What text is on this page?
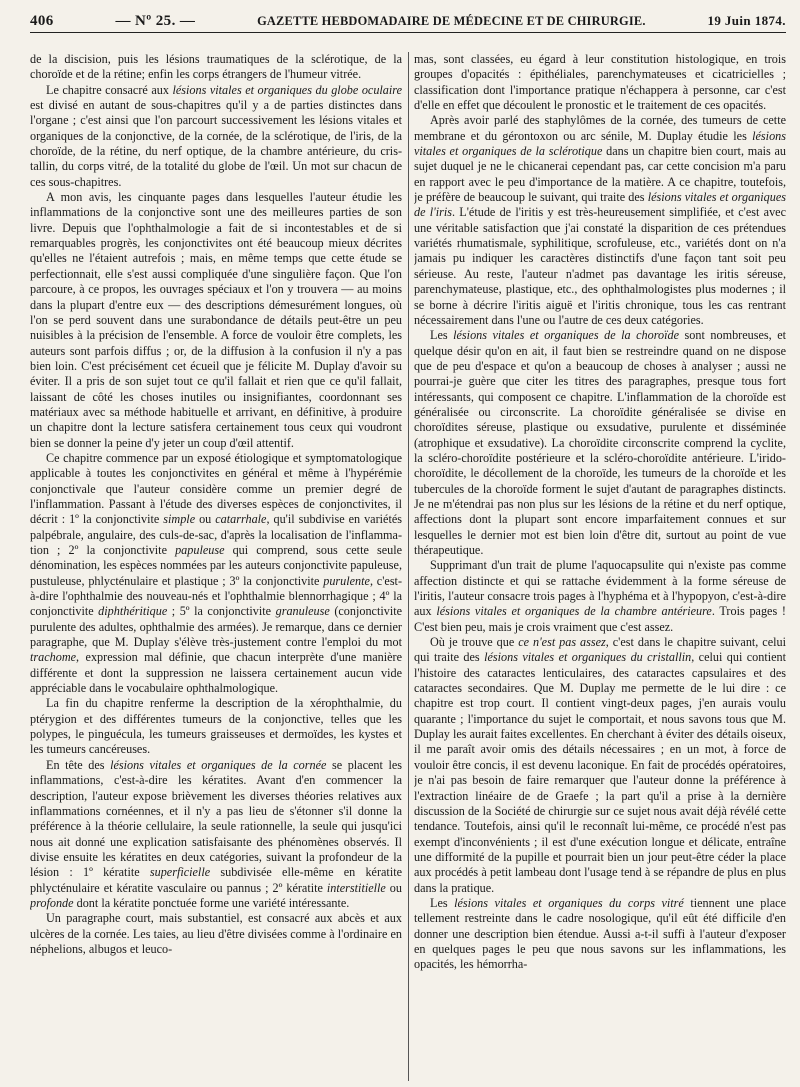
406	— Nº 25. —	GAZETTE HEBDOMADAIRE DE MÉDECINE ET DE CHIRURGIE.	19 Juin 1874.

de la discision, puis les lésions traumatiques de la sclérotique, de la choroïde et de la rétine; enfin les corps étrangers de l'humeur vitrée.

Le chapitre consacré aux lésions vitales et organiques du globe oculaire est divisé en autant de sous-chapitres qu'il y a de parties distinctes dans l'organe ; c'est ainsi que l'on parcourt successivement les lésions vitales et organiques de la conjonctive, de la cornée, de la sclérotique, de l'iris, de la choroïde, de la rétine, du nerf optique, de la chambre antérieure, du cristallin, du corps vitré, de la totalité du globe de l'œil. Un mot sur chacun de ces sous-chapitres.

A mon avis, les cinquante pages dans lesquelles l'auteur étudie les inflammations de la conjonctive sont une des meilleures parties de son livre. Depuis que l'ophthalmologie a fait de si incontestables et de si remarquables progrès, les conjonctivites ont été beaucoup mieux décrites qu'elles ne l'étaient autrefois ; mais, en même temps que cette étude se perfectionnait, elle s'est aussi compliquée d'une singulière façon. Que l'on parcoure, à ce propos, les ouvrages spéciaux et l'on y trouvera — au moins dans la plupart d'entre eux — des descriptions démesurément longues, où l'on se perd souvent dans une surabondance de détails peut-être un peu nuisibles à la précision de l'ensemble. A force de vouloir être complets, les auteurs sont parfois diffus ; or, de la diffusion à la confusion il n'y a pas bien loin. C'est précisément cet écueil que je félicite M. Duplay d'avoir su éviter. Il a pris de son sujet tout ce qu'il fallait et rien que ce qu'il fallait, laissant de côté les choses inutiles ou insignifiantes, coordonnant ses matériaux avec sa méthode habituelle et arrivant, en définitive, à produire un chapitre dont la lecture satisfera certainement tous ceux qui voudront bien se donner la peine d'y jeter un coup d'œil attentif.

Ce chapitre commence par un exposé étiologique et symptomatologique applicable à toutes les conjonctivites en général et même à l'hypérémie conjonctivale que l'auteur considère comme un premier degré de l'inflammation. Passant à l'étude des diverses espèces de conjonctivites, il décrit : 1º la conjonctivite simple ou catarrhale, qu'il subdivise en variétés palpébrale, angulaire, des culs-de-sac, d'après la localisation de l'inflammation ; 2º la conjonctivite papuleuse qui comprend, sous cette seule dénomination, les espèces nommées par les auteurs conjonctivite papuleuse, pustuleuse, phlycténulaire et plastique ; 3º la conjonctivite purulente, c'est-à-dire l'ophthalmie des nouveau-nés et l'ophthalmie blennorrhagique ; 4º la conjonctivite diphthéritique ; 5º la conjonctivite granuleuse (conjonctivite purulente des adultes, ophthalmie des armées). Je remarque, dans ce dernier paragraphe, que M. Duplay s'élève très-justement contre l'emploi du mot trachome, expression mal définie, que chacun interprète d'une manière différente et dont la suppression ne laissera certainement aucun vide appréciable dans le vocabulaire ophthalmologique.

La fin du chapitre renferme la description de la xérophthalmie, du ptérygion et des différentes tumeurs de la conjonctive, telles que les polypes, le pinguécula, les tumeurs graisseuses et dermoïdes, les kystes et les tumeurs cancéreuses.

En tête des lésions vitales et organiques de la cornée se placent les inflammations, c'est-à-dire les kératites. Avant d'en commencer la description, l'auteur expose brièvement les diverses théories relatives aux inflammations cornéennes, et il n'y a pas lieu de s'étonner s'il donne la préférence à la théorie cellulaire, la seule rationnelle, la seule qui jusqu'ici nous ait donné une explication satisfaisante des phénomènes observés. Il divise ensuite les kératites en deux catégories, suivant la profondeur de la lésion : 1º kératite superficielle subdivisée elle-même en kératite phlycténulaire et kératite vasculaire ou pannus ; 2º kératite interstitielle ou profonde dont la kératite ponctuée forme une variété intéressante.

Un paragraphe court, mais substantiel, est consacré aux abcès et aux ulcères de la cornée. Les taies, au lieu d'être divisées comme à l'ordinaire en néphelions, albugos et leuco-

mas, sont classées, eu égard à leur constitution histologique, en trois groupes d'opacités : épithéliales, parenchymateuses et cicatricielles ; classification dont l'importance pratique n'échappera à personne, car c'est d'elle en effet que découlent le pronostic et le traitement de ces opacités.

Après avoir parlé des staphylômes de la cornée, des tumeurs de cette membrane et du gérontoxon ou arc sénile, M. Duplay étudie les lésions vitales et organiques de la sclérotique dans un chapitre bien court, mais au sujet duquel je ne le chicanerai cependant pas, car cette concision m'a paru en rapport avec le peu d'importance de la matière. A ce chapitre, toutefois, je préfère de beaucoup le suivant, qui traite des lésions vitales et organiques de l'iris. L'étude de l'iritis y est très-heureusement simplifiée, et c'est avec une véritable satisfaction que j'ai constaté la disparition de ces prétendues variétés rhumatismale, syphilitique, scrofuleuse, etc., variétés dont on n'a jamais pu indiquer les caractères distinctifs d'une façon tant soit peu sérieuse. Au reste, l'auteur n'admet pas davantage les iritis séreuse, parenchymateuse, plastique, etc., des ophthalmologistes plus modernes ; il se borne à décrire l'iritis aiguë et l'iritis chronique, tous les cas rentrant nécessairement dans l'une ou l'autre de ces deux catégories.

Les lésions vitales et organiques de la choroïde sont nombreuses, et quelque désir qu'on en ait, il faut bien se restreindre quand on ne dispose que de peu d'espace et qu'on a beaucoup de choses à analyser ; aussi ne pourrai-je guère que citer les titres des paragraphes, presque tous fort intéressants, qui composent ce chapitre. L'inflammation de la choroïde est généralisée ou circonscrite. La choroïdite généralisée se divise en choroïdites séreuse, plastique ou exsudative, purulente et disséminée (atrophique et exsudative). La choroïdite circonscrite comprend la cyclite, la scléro-choroïdite postérieure et la scléro-choroïdite antérieure. L'irido-choroïdite, le décollement de la choroïde, les tumeurs de la choroïde et les tubercules de la choroïde forment le sujet d'autant de paragraphes distincts. Je ne m'étendrai pas non plus sur les lésions de la rétine et du nerf optique, affections dont la plupart sont encore imparfaitement connues et sur lesquelles le dernier mot est bien loin d'être dit, surtout au point de vue thérapeutique.

Supprimant d'un trait de plume l'aquocapsulite qui n'existe pas comme affection distincte et qui se rattache évidemment à la forme séreuse de l'iritis, l'auteur consacre trois pages à l'hyphéma et à l'hypopyon, c'est-à-dire aux lésions vitales et organiques de la chambre antérieure. Trois pages ! C'est bien peu, mais je crois vraiment que c'est assez.

Où je trouve que ce n'est pas assez, c'est dans le chapitre suivant, celui qui traite des lésions vitales et organiques du cristallin, celui qui contient l'histoire des cataractes lenticulaires, des cataractes capsulaires et des cataractes secondaires. Que M. Duplay me permette de le lui dire : ce chapitre est trop court. Il contient vingt-deux pages, j'en aurais voulu quarante ; l'importance du sujet le comportait, et nous savons tous que M. Duplay les aurait faites excellentes. En cherchant à éviter des détails oiseux, il me paraît avoir omis des détails nécessaires ; en un mot, à force de vouloir être concis, il est devenu laconique. En fait de procédés opératoires, je n'ai pas besoin de faire remarquer que l'auteur donne la préférence à l'extraction linéaire de de Graefe ; la part qu'il a prise à la dernière discussion de la Société de chirurgie sur ce sujet nous avait déjà révélé cette tendance. Toutefois, ainsi qu'il le reconnaît lui-même, ce procédé n'est pas exempt d'inconvénients ; il est d'une exécution longue et délicate, entraîne une difformité de la pupille et pourrait bien un jour peut-être céder la place aux procédés à petit lambeau dont l'usage tend à se répandre de plus en plus dans la pratique.

Les lésions vitales et organiques du corps vitré tiennent une place tellement restreinte dans le cadre nosologique, qu'il eût été difficile d'en donner une description bien étendue. Aussi a-t-il suffi à l'auteur d'exposer en quelques pages le peu que nous savons sur les inflammations, les opacités, les hémorrha-
